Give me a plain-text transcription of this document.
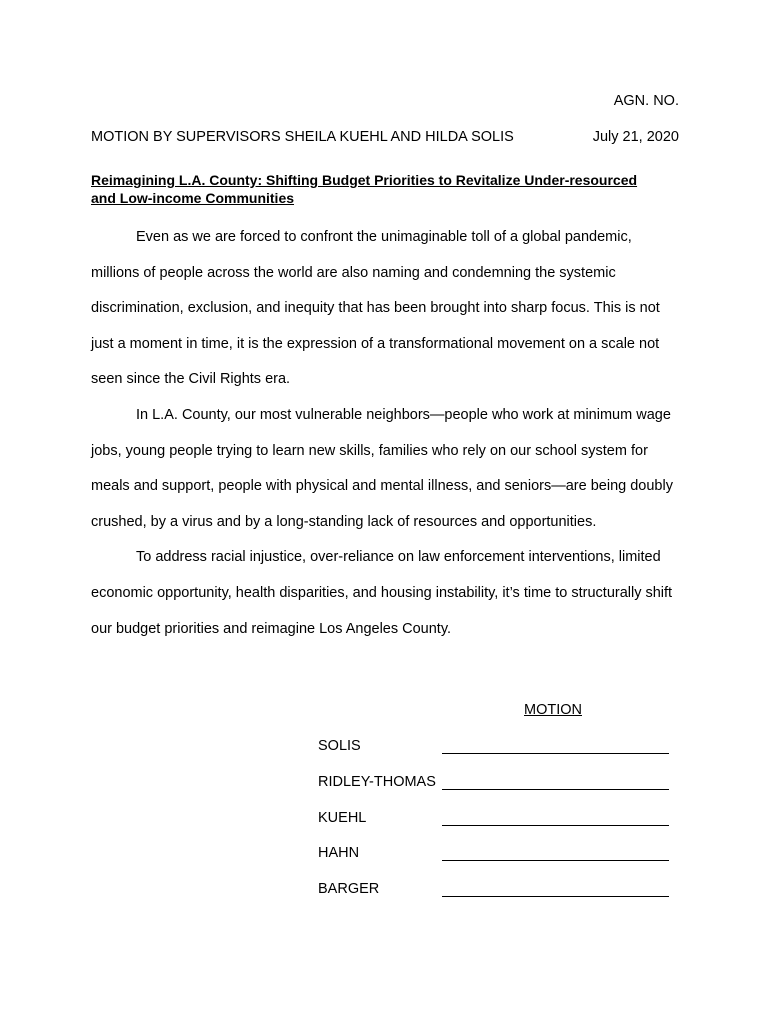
AGN. NO.
MOTION BY SUPERVISORS SHEILA KUEHL AND HILDA SOLIS	July 21, 2020
Reimagining L.A. County: Shifting Budget Priorities to Revitalize Under-resourced and Low-income Communities

Even as we are forced to confront the unimaginable toll of a global pandemic, millions of people across the world are also naming and condemning the systemic discrimination, exclusion, and inequity that has been brought into sharp focus. This is not just a moment in time, it is the expression of a transformational movement on a scale not seen since the Civil Rights era.

In L.A. County, our most vulnerable neighbors—people who work at minimum wage jobs, young people trying to learn new skills, families who rely on our school system for meals and support, people with physical and mental illness, and seniors—are being doubly crushed, by a virus and by a long-standing lack of resources and opportunities.

To address racial injustice, over-reliance on law enforcement interventions, limited economic opportunity, health disparities, and housing instability, it’s time to structurally shift our budget priorities and reimagine Los Angeles County.

MOTION
SOLIS
RIDLEY-THOMAS
KUEHL
HAHN
BARGER
